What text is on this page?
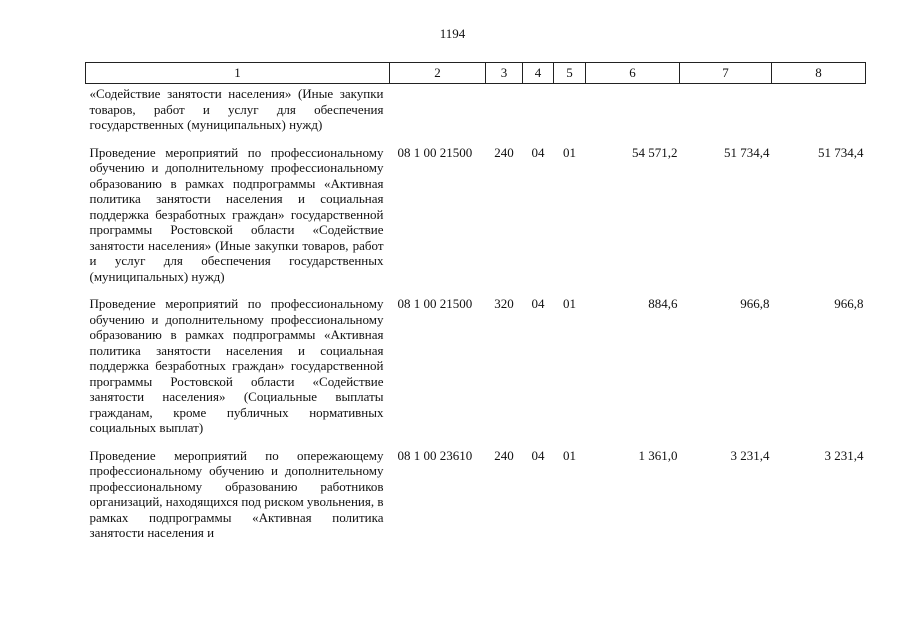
1194
1	2	3	4	5	6	7	8
«Содействие занятости населения» (Иные закупки товаров, работ и услуг для обеспечения государственных (муниципальных) нужд)							
Проведение мероприятий по профессиональному обучению и дополнительному профессиональному образованию в рамках подпрограммы «Активная политика занятости населения и социальная поддержка безработных граждан» государственной программы Ростовской области «Содействие занятости населения» (Иные закупки товаров, работ и услуг для обеспечения государственных (муниципальных) нужд)	08 1 00 21500	240	04	01	54 571,2	51 734,4	51 734,4
Проведение мероприятий по профессиональному обучению и дополнительному профессиональному образованию в рамках подпрограммы «Активная политика занятости населения и социальная поддержка безработных граждан» государственной программы Ростовской области «Содействие занятости населения» (Социальные выплаты гражданам, кроме публичных нормативных социальных выплат)	08 1 00 21500	320	04	01	884,6	966,8	966,8
Проведение мероприятий по опережающему профессиональному обучению и дополнительному профессиональному образованию работников организаций, находящихся под риском увольнения, в рамках подпрограммы «Активная политика занятости населения и	08 1 00 23610	240	04	01	1 361,0	3 231,4	3 231,4
